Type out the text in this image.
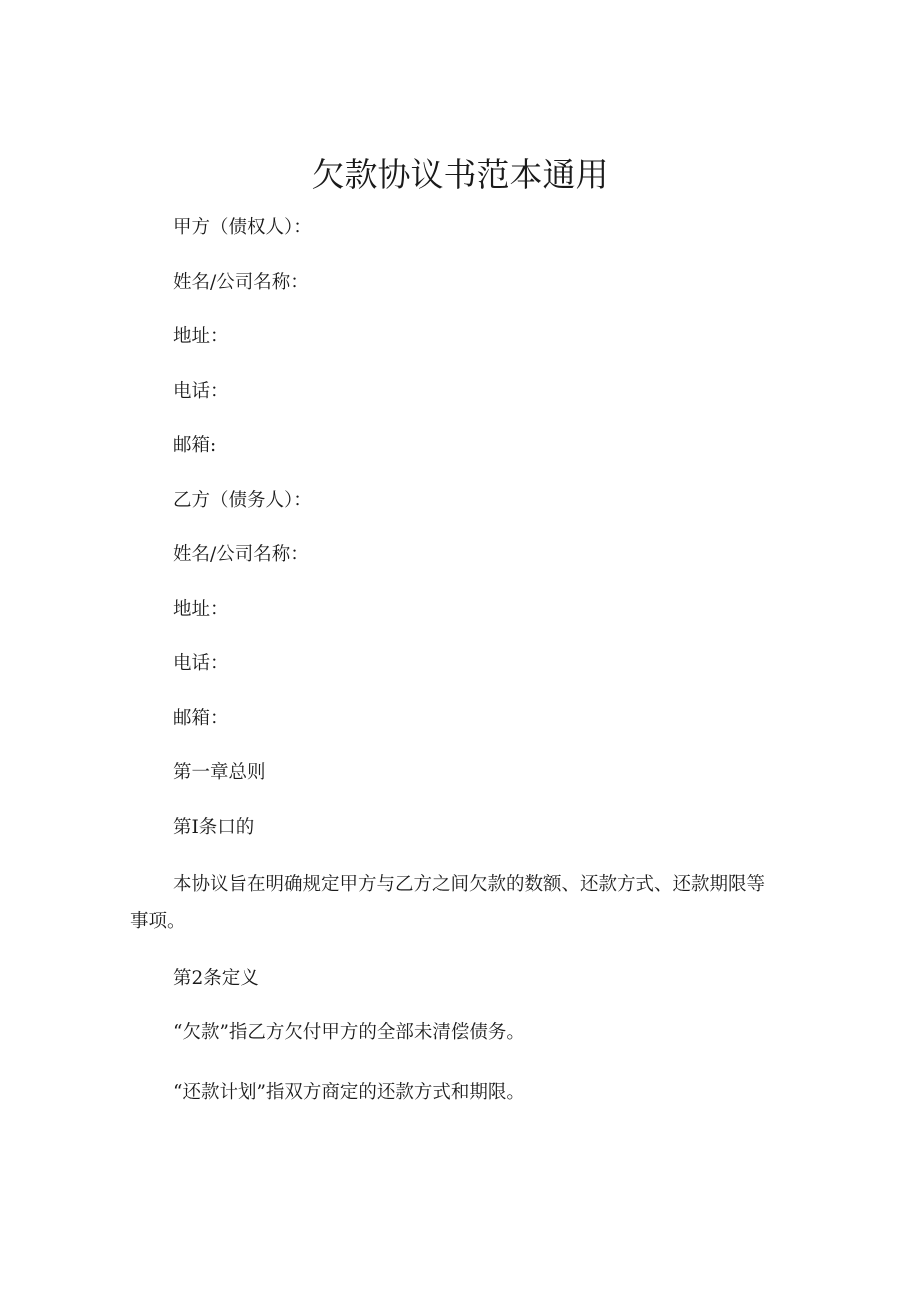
欠款协议书范本通用

甲方（债权人）：

姓名/公司名称：

地址：

电话：

邮箱:

乙方（债务人）：

姓名/公司名称：

地址：

电话：

邮箱：

第一章总则

第I条口的

本协议旨在明确规定甲方与乙方之间欠款的数额、还款方式、还款期限等事项。

第2条定义

“欠款”指乙方欠付甲方的全部未清偿债务。

“还款计划”指双方商定的还款方式和期限。
